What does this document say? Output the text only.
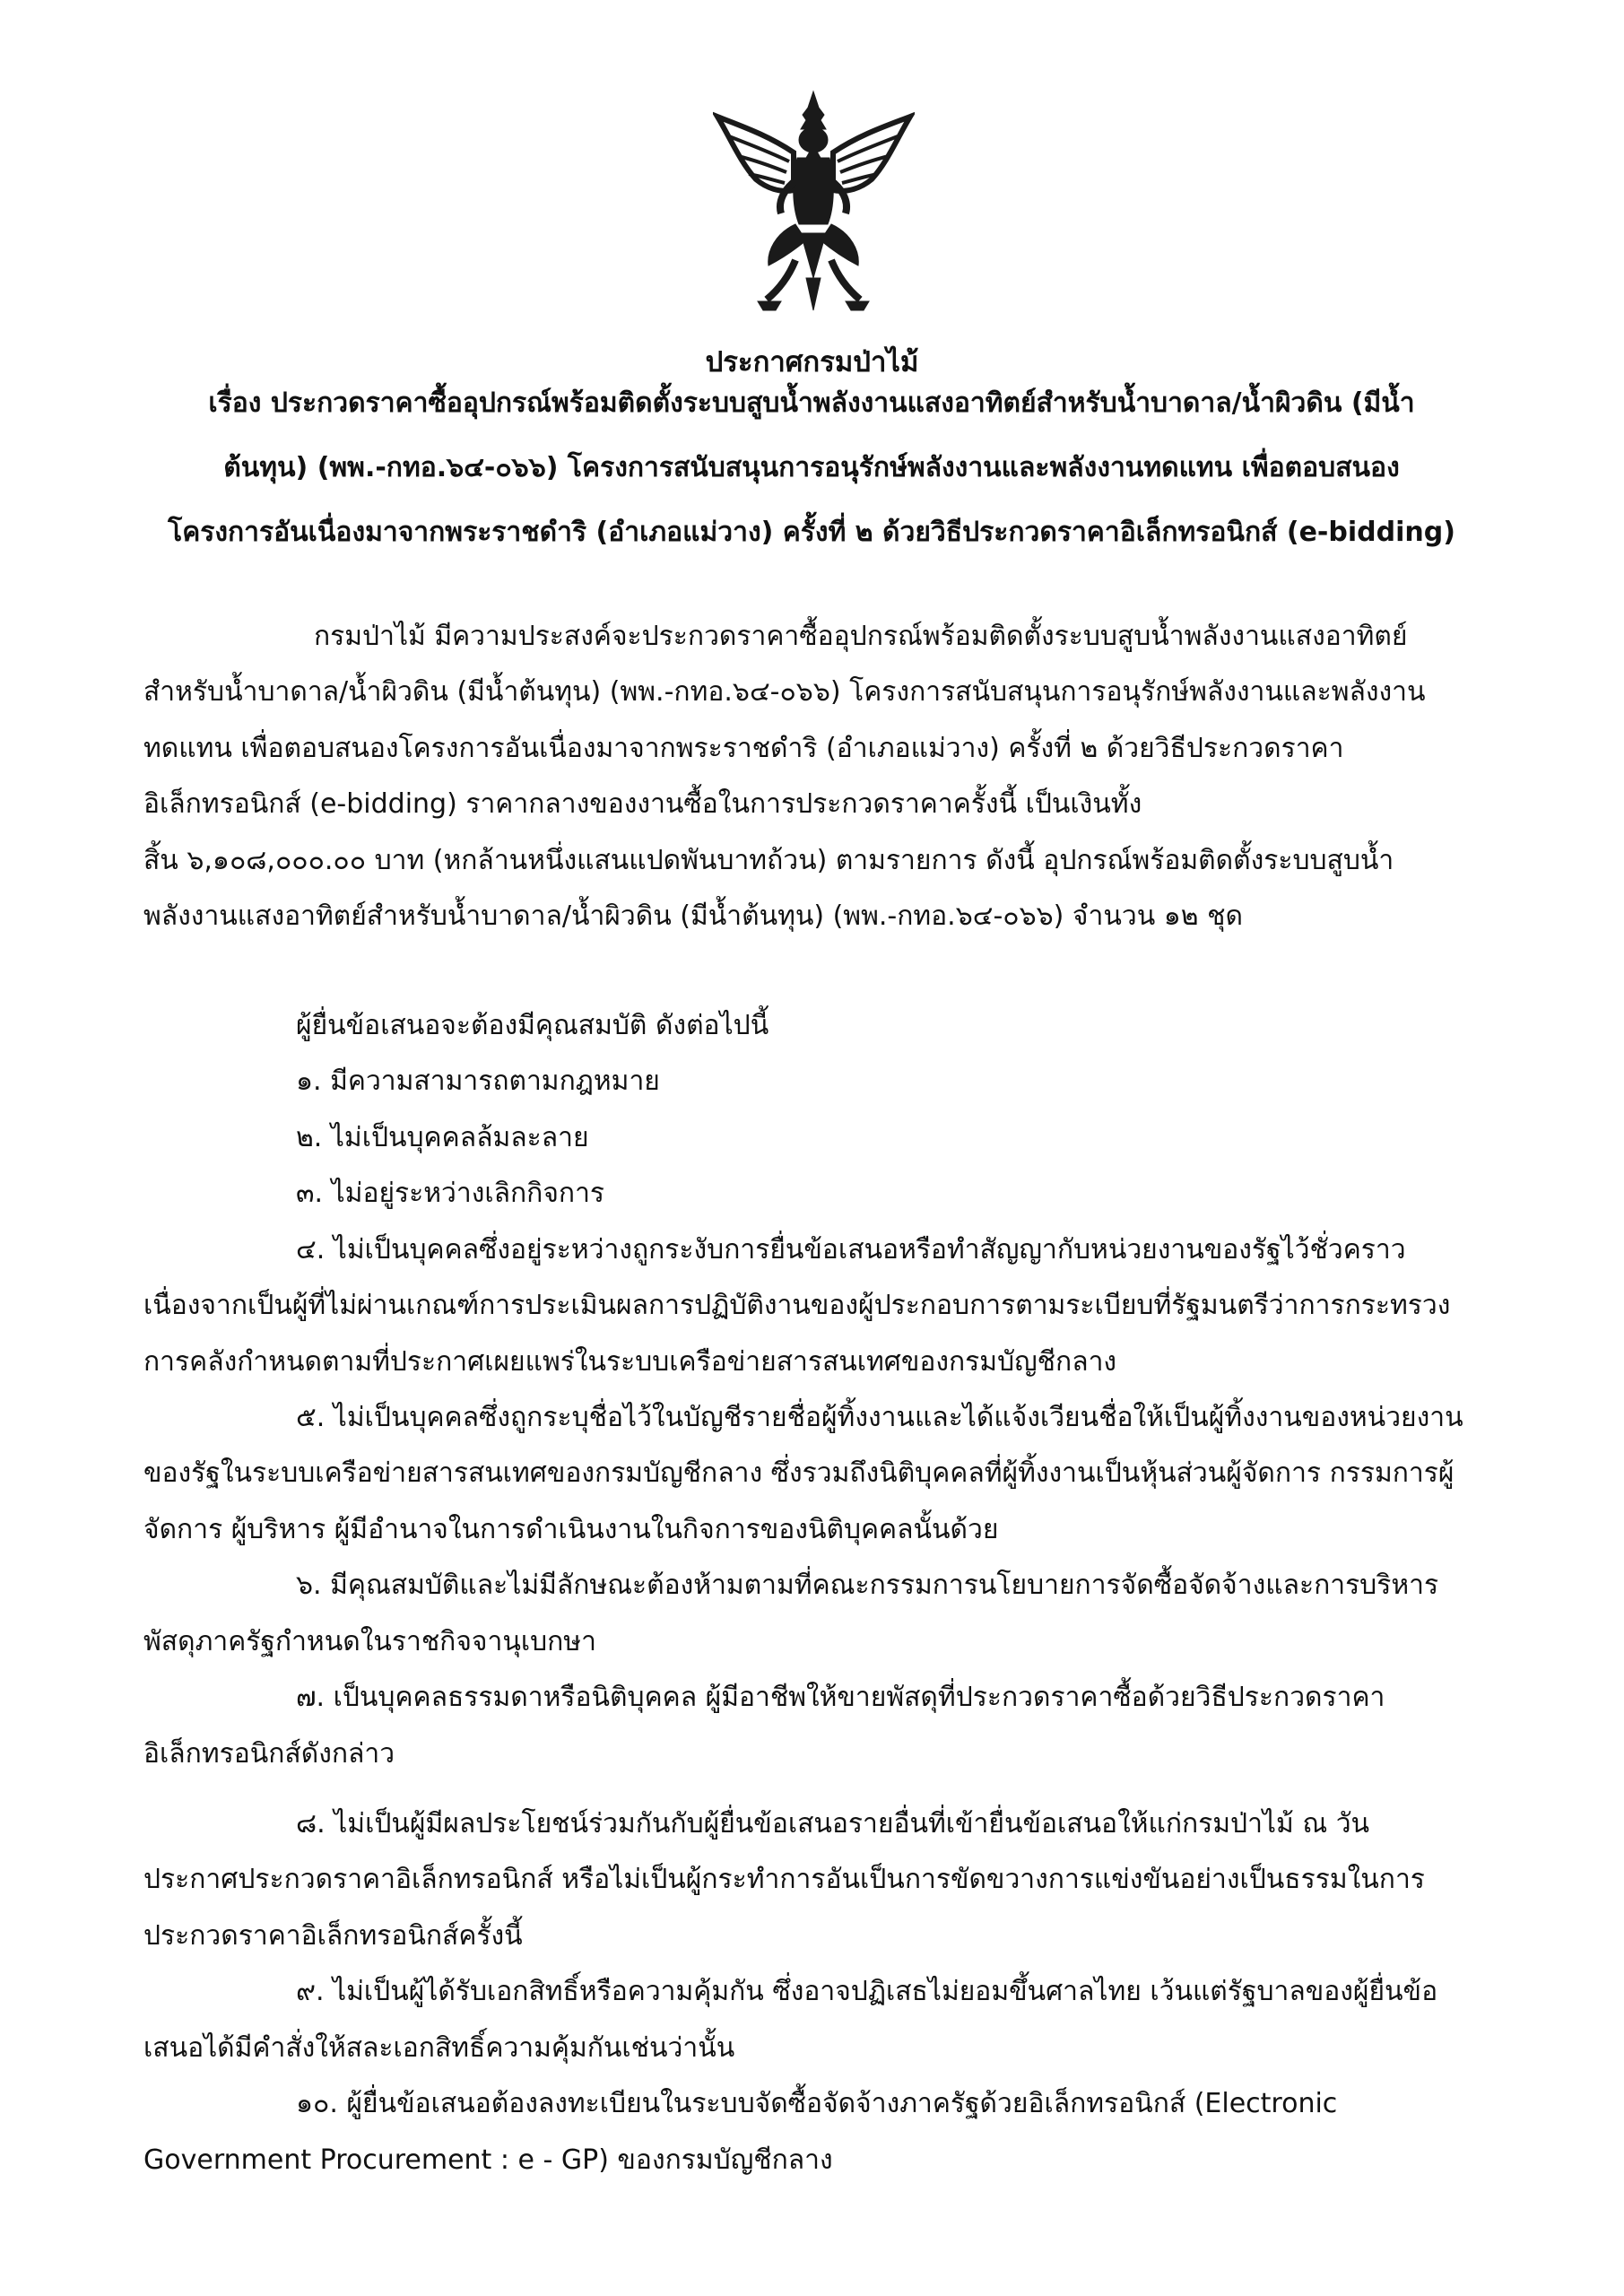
ประกาศกรมป่าไม้
เรื่อง ประกวดราคาซื้ออุปกรณ์พร้อมติดตั้งระบบสูบน้ำพลังงานแสงอาทิตย์สำหรับน้ำบาดาล/น้ำผิวดิน (มีน้ำ
ต้นทุน) (พพ.-กทอ.๖๔-๐๖๖) โครงการสนับสนุนการอนุรักษ์พลังงานและพลังงานทดแทน เพื่อตอบสนอง
โครงการอันเนื่องมาจากพระราชดำริ (อำเภอแม่วาง) ครั้งที่ ๒ ด้วยวิธีประกวดราคาอิเล็กทรอนิกส์ (e-bidding)
กรมป่าไม้ มีความประสงค์จะประกวดราคาซื้ออุปกรณ์พร้อมติดตั้งระบบสูบน้ำพลังงานแสงอาทิตย์
สำหรับน้ำบาดาล/น้ำผิวดิน (มีน้ำต้นทุน) (พพ.-กทอ.๖๔-๐๖๖) โครงการสนับสนุนการอนุรักษ์พลังงานและพลังงาน
ทดแทน เพื่อตอบสนองโครงการอันเนื่องมาจากพระราชดำริ (อำเภอแม่วาง) ครั้งที่ ๒ ด้วยวิธีประกวดราคา
อิเล็กทรอนิกส์ (e-bidding) ราคากลางของงานซื้อในการประกวดราคาครั้งนี้ เป็นเงินทั้ง
สิ้น ๖,๑๐๘,๐๐๐.๐๐ บาท (หกล้านหนึ่งแสนแปดพันบาทถ้วน) ตามรายการ ดังนี้ อุปกรณ์พร้อมติดตั้งระบบสูบน้ำ
พลังงานแสงอาทิตย์สำหรับน้ำบาดาล/น้ำผิวดิน (มีน้ำต้นทุน) (พพ.-กทอ.๖๔-๐๖๖) จำนวน ๑๒ ชุด
ผู้ยื่นข้อเสนอจะต้องมีคุณสมบัติ ดังต่อไปนี้
๑. มีความสามารถตามกฎหมาย
๒. ไม่เป็นบุคคลล้มละลาย
๓. ไม่อยู่ระหว่างเลิกกิจการ
๔. ไม่เป็นบุคคลซึ่งอยู่ระหว่างถูกระงับการยื่นข้อเสนอหรือทำสัญญากับหน่วยงานของรัฐไว้ชั่วคราว
เนื่องจากเป็นผู้ที่ไม่ผ่านเกณฑ์การประเมินผลการปฏิบัติงานของผู้ประกอบการตามระเบียบที่รัฐมนตรีว่าการกระทรวง
การคลังกำหนดตามที่ประกาศเผยแพร่ในระบบเครือข่ายสารสนเทศของกรมบัญชีกลาง
๕. ไม่เป็นบุคคลซึ่งถูกระบุชื่อไว้ในบัญชีรายชื่อผู้ทิ้งงานและได้แจ้งเวียนชื่อให้เป็นผู้ทิ้งงานของหน่วยงาน
ของรัฐในระบบเครือข่ายสารสนเทศของกรมบัญชีกลาง ซึ่งรวมถึงนิติบุคคลที่ผู้ทิ้งงานเป็นหุ้นส่วนผู้จัดการ กรรมการผู้
จัดการ ผู้บริหาร ผู้มีอำนาจในการดำเนินงานในกิจการของนิติบุคคลนั้นด้วย
๖. มีคุณสมบัติและไม่มีลักษณะต้องห้ามตามที่คณะกรรมการนโยบายการจัดซื้อจัดจ้างและการบริหาร
พัสดุภาครัฐกำหนดในราชกิจจานุเบกษา
๗. เป็นบุคคลธรรมดาหรือนิติบุคคล ผู้มีอาชีพให้ขายพัสดุที่ประกวดราคาซื้อด้วยวิธีประกวดราคา
อิเล็กทรอนิกส์ดังกล่าว
๘. ไม่เป็นผู้มีผลประโยชน์ร่วมกันกับผู้ยื่นข้อเสนอรายอื่นที่เข้ายื่นข้อเสนอให้แก่กรมป่าไม้ ณ วัน
ประกาศประกวดราคาอิเล็กทรอนิกส์ หรือไม่เป็นผู้กระทำการอันเป็นการขัดขวางการแข่งขันอย่างเป็นธรรมในการ
ประกวดราคาอิเล็กทรอนิกส์ครั้งนี้
๙. ไม่เป็นผู้ได้รับเอกสิทธิ์หรือความคุ้มกัน ซึ่งอาจปฏิเสธไม่ยอมขึ้นศาลไทย เว้นแต่รัฐบาลของผู้ยื่นข้อ
เสนอได้มีคำสั่งให้สละเอกสิทธิ์ความคุ้มกันเช่นว่านั้น
๑๐. ผู้ยื่นข้อเสนอต้องลงทะเบียนในระบบจัดซื้อจัดจ้างภาครัฐด้วยอิเล็กทรอนิกส์ (Electronic
Government Procurement : e - GP) ของกรมบัญชีกลาง
